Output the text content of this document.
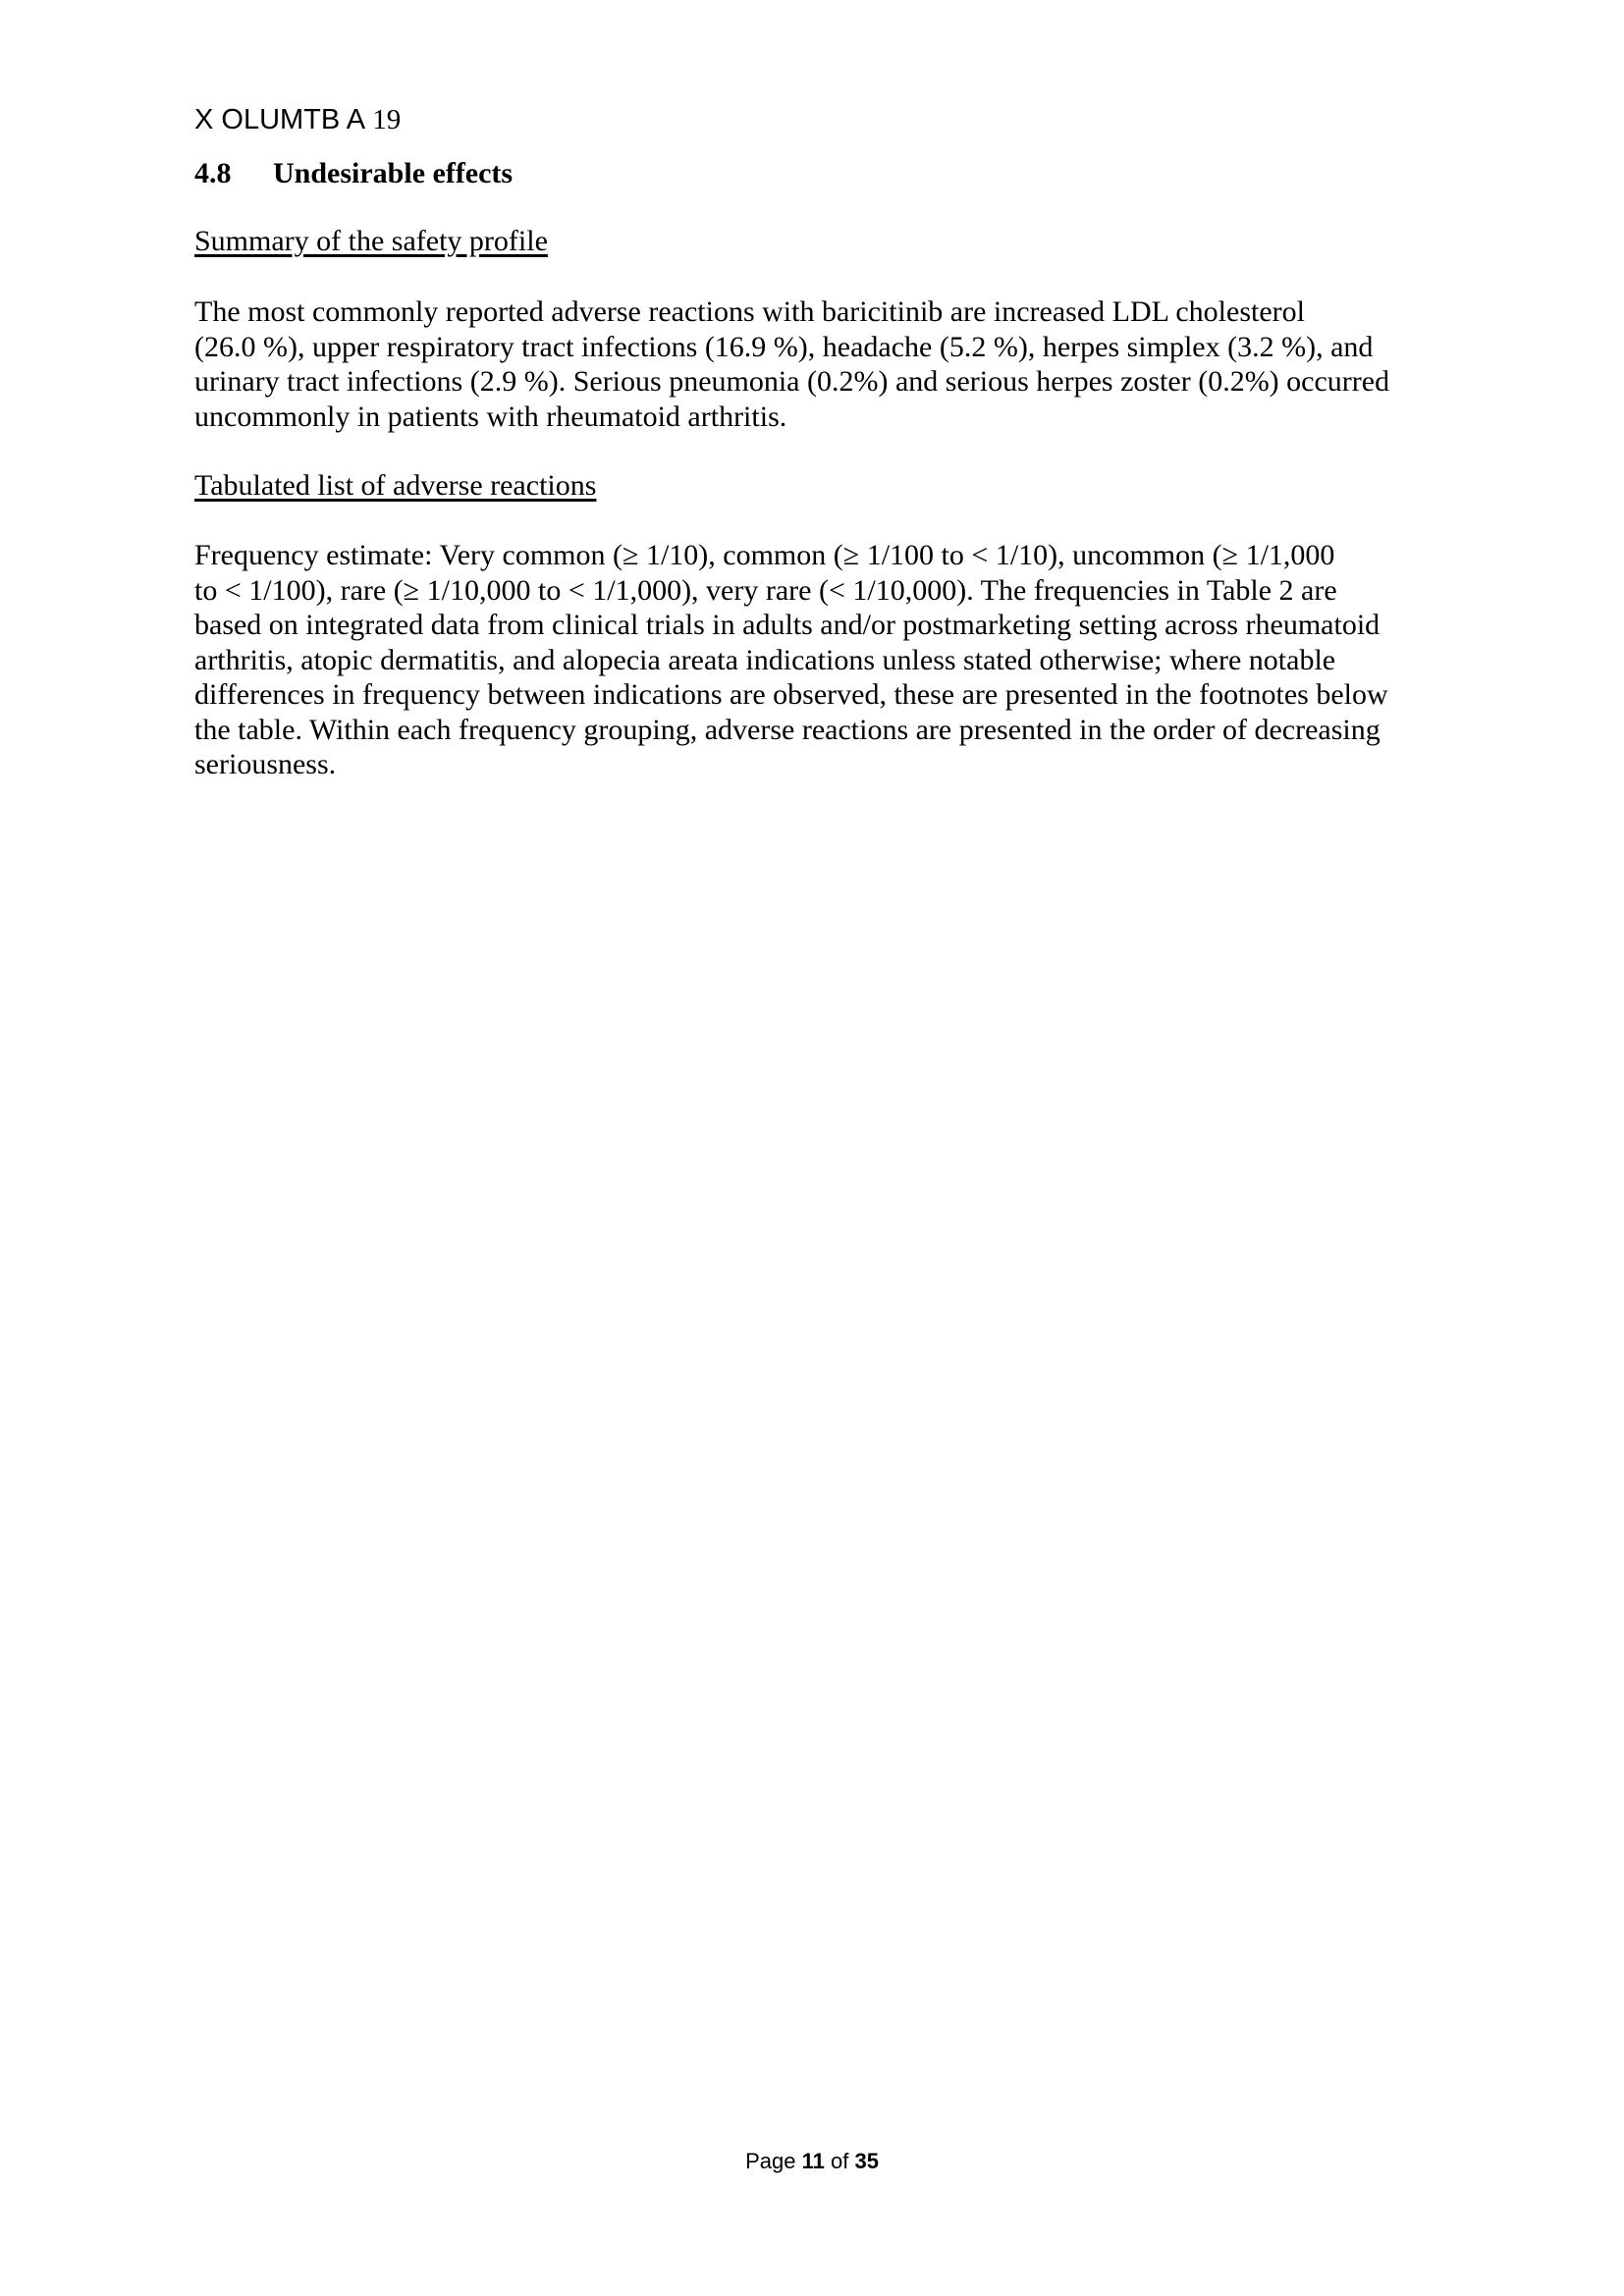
X OLUMTB A 19
4.8 Undesirable effects
Summary of the safety profile
The most commonly reported adverse reactions with baricitinib are increased LDL cholesterol
(26.0 %), upper respiratory tract infections (16.9 %), headache (5.2 %), herpes simplex (3.2 %), and
urinary tract infections (2.9 %). Serious pneumonia (0.2%) and serious herpes zoster (0.2%) occurred
uncommonly in patients with rheumatoid arthritis.
Tabulated list of adverse reactions
Frequency estimate: Very common (≥ 1/10), common (≥ 1/100 to < 1/10), uncommon (≥ 1/1,000
to < 1/100), rare (≥ 1/10,000 to < 1/1,000), very rare (< 1/10,000). The frequencies in Table 2 are
based on integrated data from clinical trials in adults and/or postmarketing setting across rheumatoid
arthritis, atopic dermatitis, and alopecia areata indications unless stated otherwise; where notable
differences in frequency between indications are observed, these are presented in the footnotes below
the table. Within each frequency grouping, adverse reactions are presented in the order of decreasing
seriousness.
Page 11 of 35
